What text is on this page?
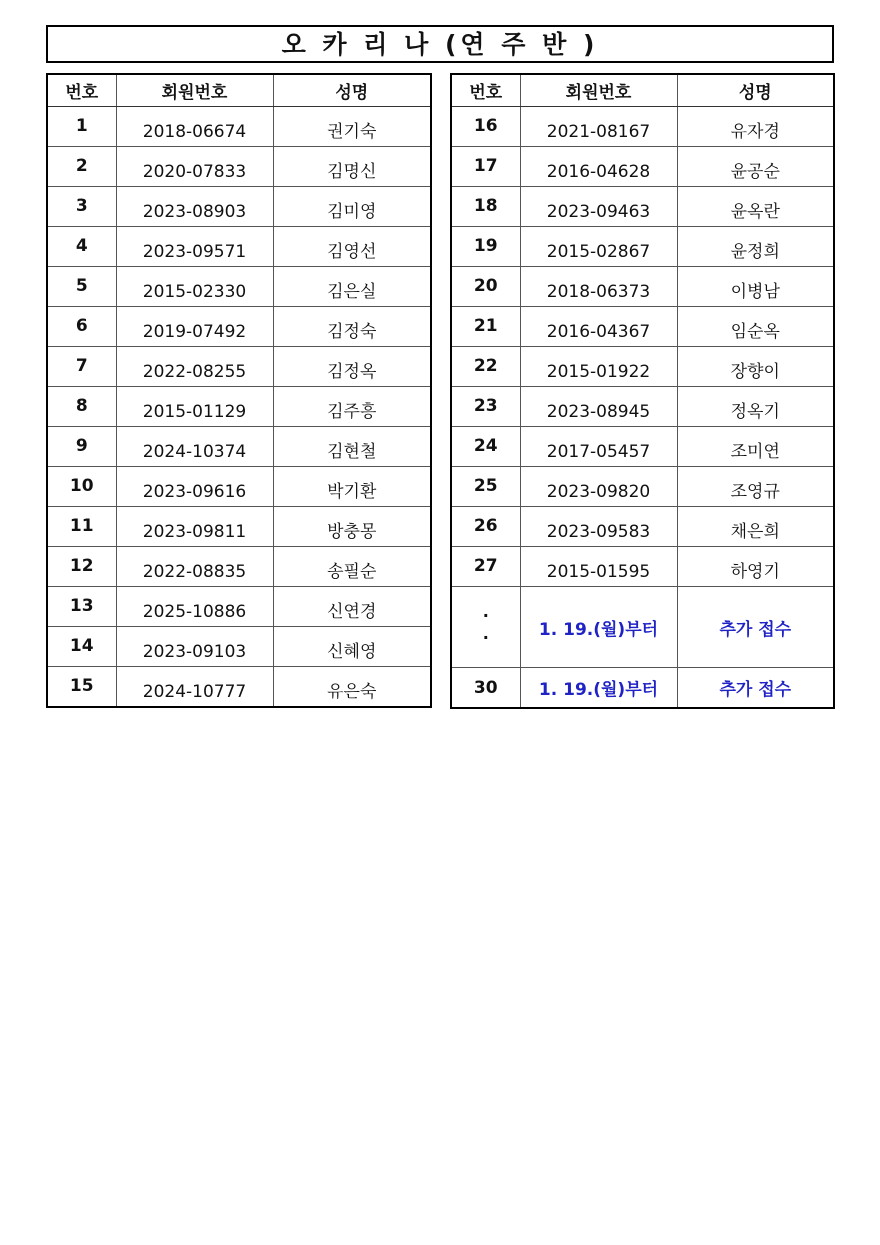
오 카 리 나 (연 주 반 )
번호	회원번호	성명
1	2018-06674	권기숙
2	2020-07833	김명신
3	2023-08903	김미영
4	2023-09571	김영선
5	2015-02330	김은실
6	2019-07492	김정숙
7	2022-08255	김정옥
8	2015-01129	김주흥
9	2024-10374	김현철
10	2023-09616	박기환
11	2023-09811	방충몽
12	2022-08835	송필순
13	2025-10886	신연경
14	2023-09103	신혜영
15	2024-10777	유은숙
번호	회원번호	성명
16	2021-08167	유자경
17	2016-04628	윤공순
18	2023-09463	윤옥란
19	2015-02867	윤정희
20	2018-06373	이병남
21	2016-04367	임순옥
22	2015-01922	장향이
23	2023-08945	정옥기
24	2017-05457	조미연
25	2023-09820	조영규
26	2023-09583	채은희
27	2015-01595	하영기

·
·	1. 19.(월)부터	추가 접수
30	1. 19.(월)부터	추가 접수
